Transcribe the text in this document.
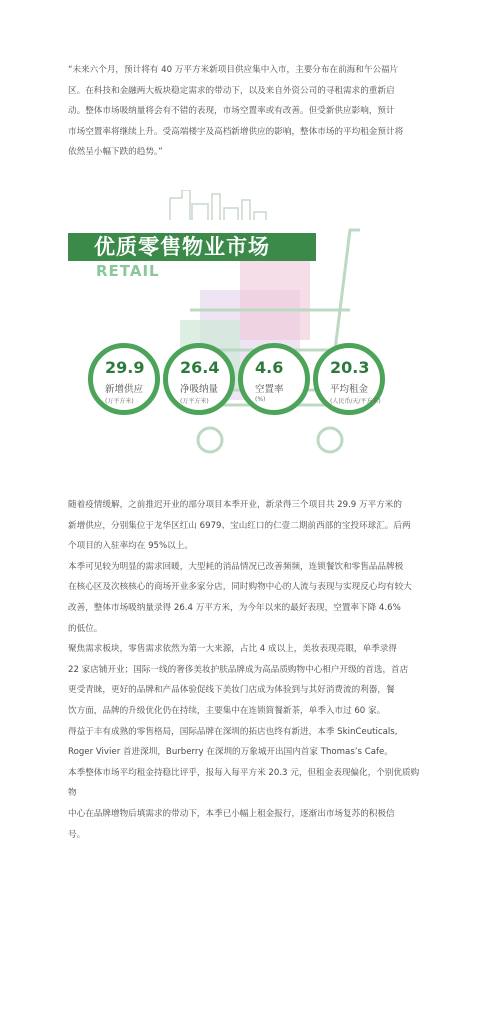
“未来六个月，预计将有 40 万平方米新项目供应集中入市，主要分布在前海和午公福片
区。在科技和金融两大板块稳定需求的带动下，以及来自外资公司的寻租需求的重新启
动。整体市场吸纳量将会有不错的表现，市场空置率或有改善。但受新供应影响，预计
市场空置率将继续上升。受高端楼宇及高档新增供应的影响，整体市场的平均租金预计将
依然呈小幅下跌的趋势。”
优质零售物业市场
RETAIL
29.9
新增供应
(万平方米)
26.4
净吸纳量
(万平方米)
4.6
空置率
(%)
20.3
平均租金
(人民币/天/平方米)
随着疫情缓解，之前推迟开业的部分项目本季开业，新录得三个项目共 29.9 万平方米的
新增供应，分别集位于龙华区红山 6979、宝山红口的仁壹二期前西部的宝投环球汇。后两
个项目的入驻率均在 95%以上。
本季可见较为明显的需求回暖，大型耗的消品情况已改善频频，连锁餐饮和零售品品牌极
在核心区及次核核心的商场开业多家分店，同时购物中心的人流与表现与实现反心均有较大
改善，整体市场吸纳量录得 26.4 万平方米，为今年以来的最好表现，空置率下降 4.6%
的低位。
聚焦需求板块，零售需求依然为第一大来源，占比 4 成以上，美妆表现亮眼，单季录得
22 家店铺开业；国际一线的奢侈美妆护肤品牌成为高品质购物中心相户开级的首选，首店
更受青睐，更好的品牌和产品体验促线下美妆门店成为体验到与其好消费流的利器，餐
饮方面，品牌的升级优化仍在持续，主要集中在连锁简餐新茶，单季入市过 60 家。
得益于丰有成熟的零售格局，国际品牌在深圳的拓店也终有新进，本季 SkinCeuticals,
Roger Vivier 首进深圳，Burberry 在深圳的万象城开出国内首家 Thomas’s Cafe。
本季整体市场平均租金持稳比评乎，报每入每平方米 20.3 元，但租金表现偏化，个别优质购物
中心在品牌增物后填需求的带动下，本季已小幅上租金报行，逐渐出市场复苏的积极信
号。
